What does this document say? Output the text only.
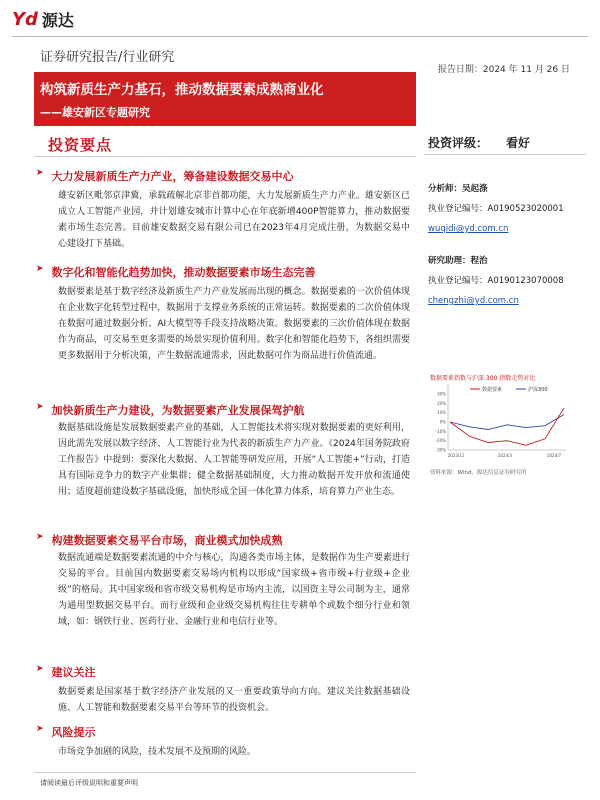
Yd 源达
证券研究报告/行业研究
报告日期：2024 年 11 月 26 日
构筑新质生产力基石，推动数据要素成熟商业化
——雄安新区专题研究
投资要点	投资评级： 看好
➤ 大力发展新质生产力产业，筹备建设数据交易中心
雄安新区毗邻京津冀，承载疏解北京非首都功能，大力发展新质生产力产业。雄安新区已成立人工智能产业园，并计划雄安城市计算中心在年底新增400P智能算力，推动数据要素市场生态完善。目前雄安数据交易有限公司已在2023年4月完成注册，为数据交易中心建设打下基础。
➤ 数字化和智能化趋势加快，推动数据要素市场生态完善
数据要素是基于数字经济及新质生产力产业发展而出现的概念。数据要素的一次价值体现在企业数字化转型过程中，数据用于支撑业务系统的正常运转。数据要素的二次价值体现在数据可通过数据分析、AI大模型等手段支持战略决策。数据要素的三次价值体现在数据作为商品，可交易至更多需要的场景实现价值利用。数字化和智能化趋势下，各组织需要更多数据用于分析决策，产生数据流通需求，因此数据可作为商品进行价值流通。
➤ 加快新质生产力建设，为数据要素产业发展保驾护航
数据基础设施是发展数据要素产业的基础，人工智能技术将实现对数据要素的更好利用，因此需先发展以数字经济、人工智能行业为代表的新质生产力产业。《2024年国务院政府工作报告》中提到：要深化大数据、人工智能等研发应用，开展“人工智能+”行动，打造具有国际竞争力的数字产业集群；健全数据基础制度，大力推动数据开发开放和流通使用；适度超前建设数字基础设施，加快形成全国一体化算力体系，培育算力产业生态。
➤ 构建数据要素交易平台市场，商业模式加快成熟
数据流通端是数据要素流通的中介与核心，沟通各类市场主体，是数据作为生产要素进行交易的平台。目前国内数据要素交易场内机构以形成“国家级+省市级+行业级+企业级”的格局。其中国家级和省市级交易机构是市场内主流，以国资主导公司制为主，通常为通用型数据交易平台。而行业级和企业级交易机构往往专耕单个或数个细分行业和领域，如：钢铁行业、医药行业、金融行业和电信行业等。
➤ 建议关注
数据要素是国家基于数字经济产业发展的又一重要政策导向方向。建议关注数据基础设施、人工智能和数据要素交易平台等环节的投资机会。
➤ 风险提示
市场竞争加剧的风险，技术发展不及预期的风险。
分析师：吴起涤
执业登记编号：A0190523020001
wuqidi@yd.com.cn
研究助理：程治
执业登记编号：A0190123070008
chengzhi@yd.com.cn
数据要素指数与沪深 300 指数走势对比
30%
20%
10%
0%
-10%
-20%
-30%
2023/11	2024/3	2024/7
数据要素	沪深300
资料来源：Wind，源达信息证券研究所
请阅读最后评级说明和重要声明
